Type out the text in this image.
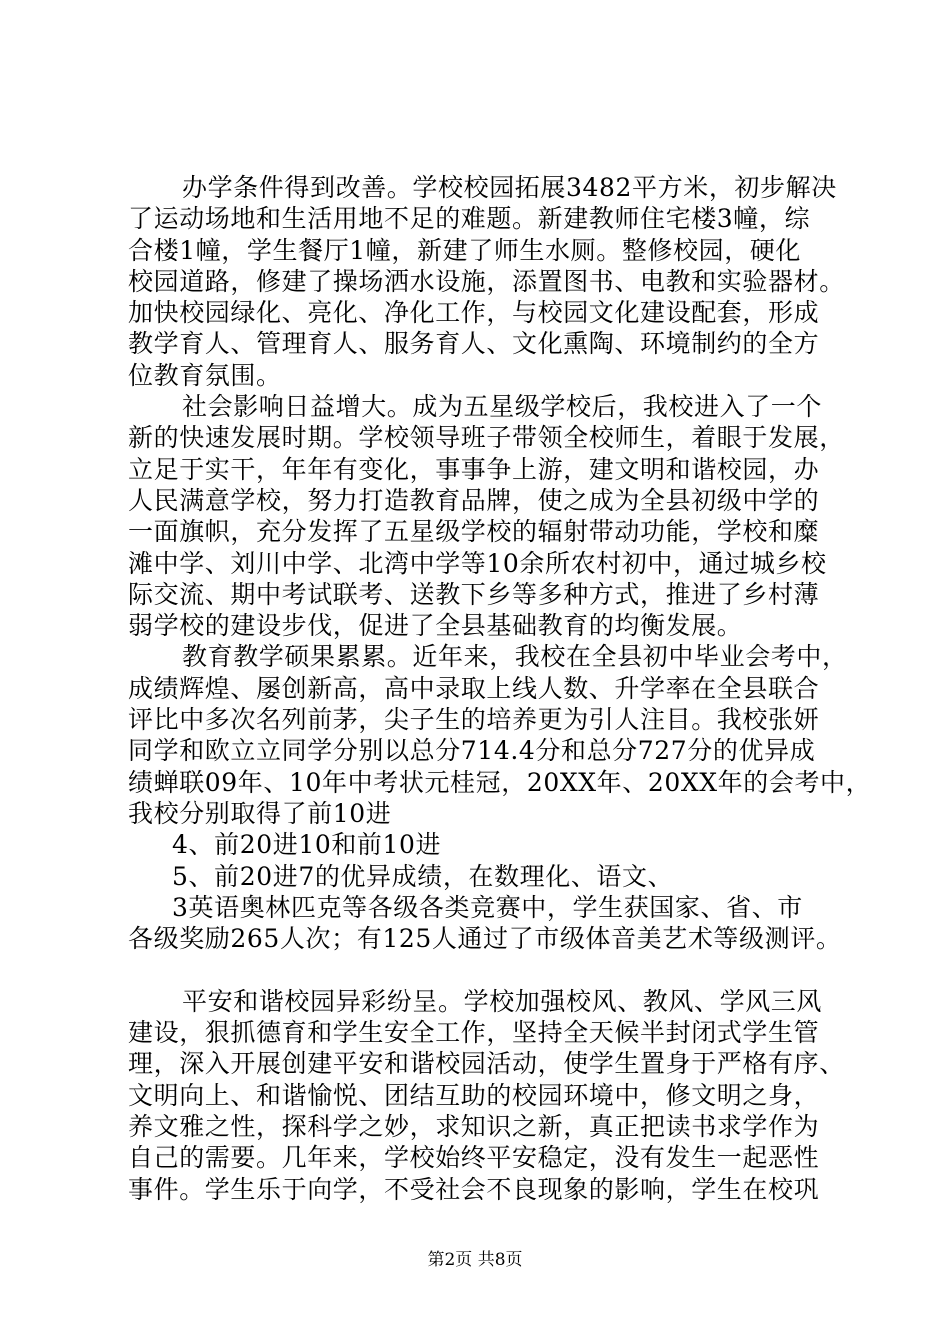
办学条件得到改善。学校校园拓展3482平方米，初步解决
了运动场地和生活用地不足的难题。新建教师住宅楼3幢，综
合楼1幢，学生餐厅1幢，新建了师生水厕。整修校园，硬化
校园道路，修建了操场洒水设施，添置图书、电教和实验器材。
加快校园绿化、亮化、净化工作，与校园文化建设配套，形成
教学育人、管理育人、服务育人、文化熏陶、环境制约的全方
位教育氛围。
社会影响日益增大。成为五星级学校后，我校进入了一个
新的快速发展时期。学校领导班子带领全校师生，着眼于发展，
立足于实干，年年有变化，事事争上游，建文明和谐校园，办
人民满意学校，努力打造教育品牌，使之成为全县初级中学的
一面旗帜，充分发挥了五星级学校的辐射带动功能，学校和糜
滩中学、刘川中学、北湾中学等10余所农村初中，通过城乡校
际交流、期中考试联考、送教下乡等多种方式，推进了乡村薄
弱学校的建设步伐，促进了全县基础教育的均衡发展。
教育教学硕果累累。近年来，我校在全县初中毕业会考中，
成绩辉煌、屡创新高，高中录取上线人数、升学率在全县联合
评比中多次名列前茅，尖子生的培养更为引人注目。我校张妍
同学和欧立立同学分别以总分714.4分和总分727分的优异成
绩蝉联09年、10年中考状元桂冠，20XX年、20XX年的会考中，
我校分别取得了前10进
4、前20进10和前10进
5、前20进7的优异成绩，在数理化、语文、
3英语奥林匹克等各级各类竞赛中，学生获国家、省、市
各级奖励265人次；有125人通过了市级体音美艺术等级测评。
平安和谐校园异彩纷呈。学校加强校风、教风、学风三风
建设，狠抓德育和学生安全工作，坚持全天候半封闭式学生管
理，深入开展创建平安和谐校园活动，使学生置身于严格有序、
文明向上、和谐愉悦、团结互助的校园环境中，修文明之身，
养文雅之性，探科学之妙，求知识之新，真正把读书求学作为
自己的需要。几年来，学校始终平安稳定，没有发生一起恶性
事件。学生乐于向学，不受社会不良现象的影响，学生在校巩
第2页 共8页
